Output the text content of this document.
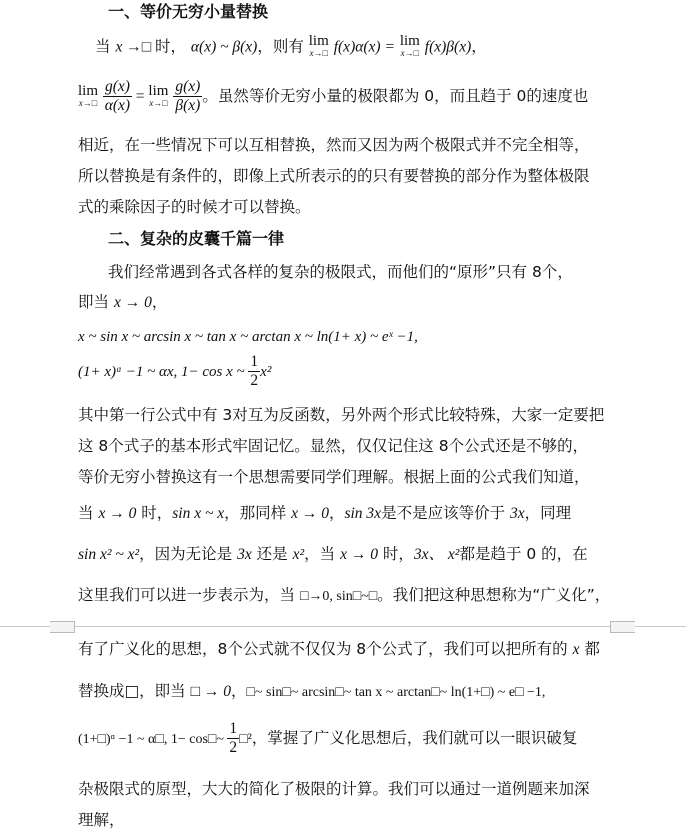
一、等价无穷小量替换
当 x →□ 时， α(x) ~ β(x)，则有 lim
x→□ f(x)α(x) = lim
x→□ f(x)β(x)，
lim
x→□
$\frac{g(x)}{\alpha(x)} = \lim$
x→□
$\frac{g(x)}{\beta(x)}$ 。虽然等价无穷小量的极限都为 0，而且趋于 0的速度也
相近，在一些情况下可以互相替换，然而又因为两个极限式并不完全相等，
所以替换是有条件的，即像上式所表示的的只有要替换的部分作为整体极限
式的乘除因子的时候才可以替换。
二、复杂的皮囊千篇一律
我们经常遇到各式各样的复杂的极限式，而他们的“原形”只有 8个，
即当 x → 0，
x ~ sin x ~ arcsin x ~ tan x ~ arctan x ~ ln(1+ x) ~ eˣ −1,
(1+ x)ᵅ −1 ~ αx, 1− cos x ~ $\frac{1}{2} x^2$
其中第一行公式中有 3对互为反函数，另外两个形式比较特殊，大家一定要把
这 8个式子的基本形式牢固记忆。显然，仅仅记住这 8个公式还是不够的，
等价无穷小替换这有一个思想需要同学们理解。根据上面的公式我们知道，
当 x → 0 时，sin x ~ x，那同样 x → 0，sin 3x是不是应该等价于 3x，同理
sin x² ~ x²，因为无论是 3x 还是 x²，当 x → 0 时，3x、 x²都是趋于 0 的，在
这里我们可以进一步表示为，当 □→0, sin□~□。我们把这种思想称为“广义化”，
有了广义化的思想，8个公式就不仅仅为 8个公式了，我们可以把所有的 x 都
替换成□，即当 □ → 0，□~ sin□~ arcsin□~ tan x ~ arctan□~ ln(1+□) ~ e□ −1,
(1+□)ᵅ −1 ~ α□, 1− cos□~ $\frac{1}{2}$ □²，掌握了广义化思想后，我们就可以一眼识破复
杂极限式的原型，大大的简化了极限的计算。我们可以通过一道例题来加深
理解，
